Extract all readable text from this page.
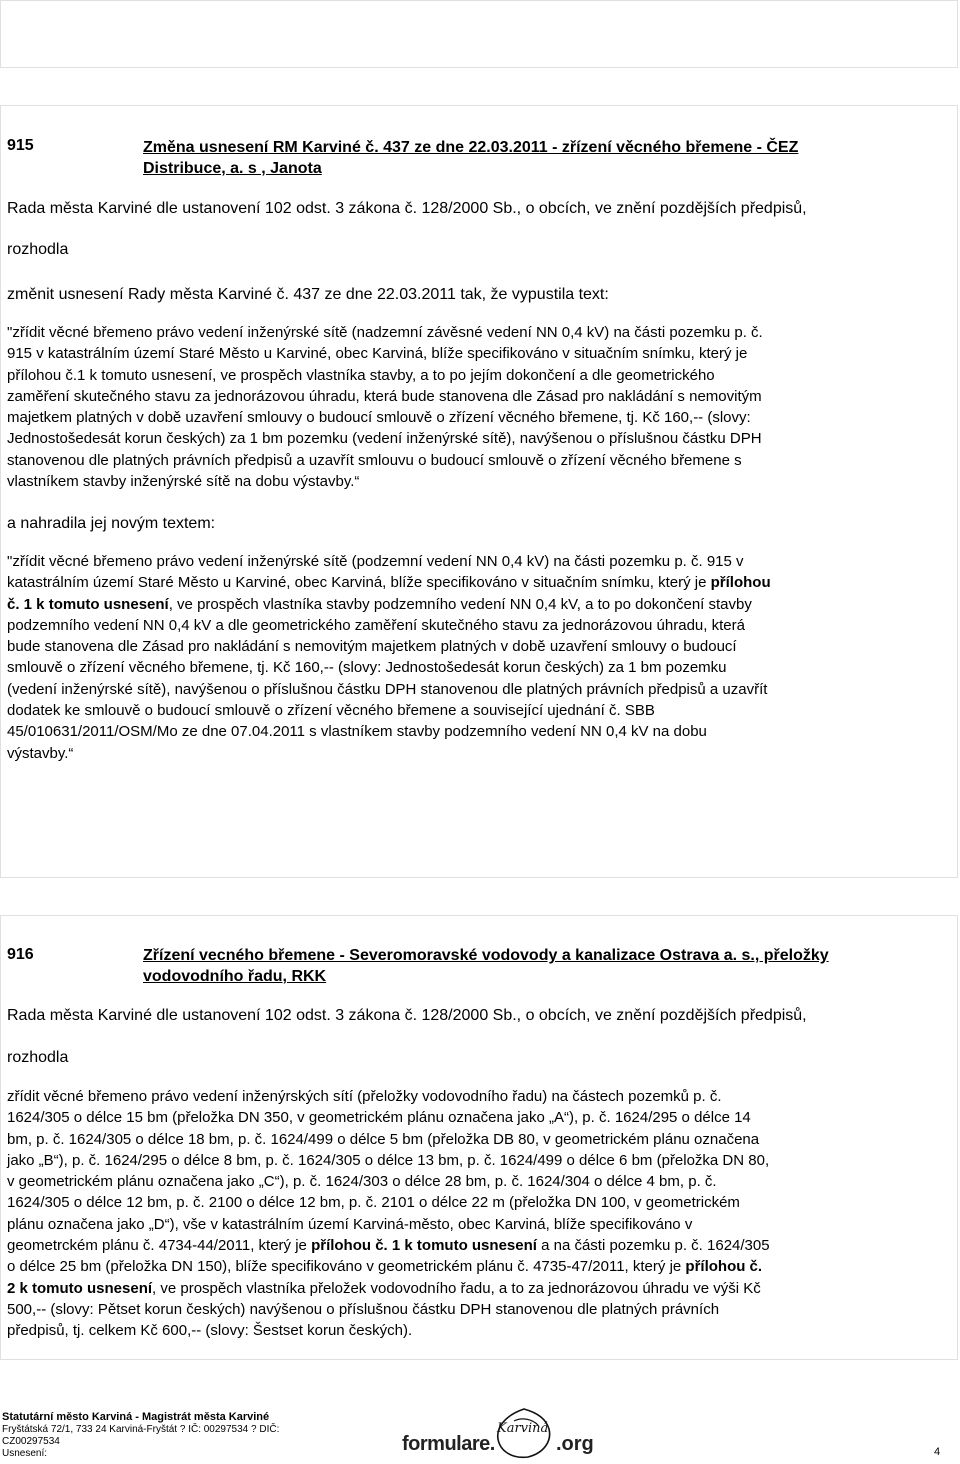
915	Změna usnesení RM Karviné č. 437 ze dne 22.03.2011 - zřízení věcného břemene - ČEZ
Distribuce, a. s , Janota
Rada města Karviné dle ustanovení 102 odst. 3 zákona č. 128/2000 Sb., o obcích, ve znění pozdějších předpisů,
rozhodla
změnit usnesení Rady města Karviné č. 437 ze dne 22.03.2011 tak, že vypustila text:
"zřídit věcné břemeno právo vedení inženýrské sítě (nadzemní závěsné vedení NN 0,4 kV) na části pozemku p. č.
915 v katastrálním území Staré Město u Karviné, obec Karviná, blíže specifikováno v situačním snímku, který je
přílohou č.1 k tomuto usnesení, ve prospěch vlastníka stavby, a to po jejím dokončení a dle geometrického
zaměření skutečného stavu za jednorázovou úhradu, která bude stanovena dle Zásad pro nakládání s nemovitým
majetkem platných v době uzavření smlouvy o budoucí smlouvě o zřízení věcného břemene, tj. Kč 160,-- (slovy:
Jednostošedesát korun českých) za 1 bm pozemku (vedení inženýrské sítě), navýšenou o příslušnou částku DPH
stanovenou dle platných právních předpisů a uzavřít smlouvu o budoucí smlouvě o zřízení věcného břemene s
vlastníkem stavby inženýrské sítě na dobu výstavby.“
a nahradila jej novým textem:
"zřídit věcné břemeno právo vedení inženýrské sítě (podzemní vedení NN 0,4 kV) na části pozemku p. č. 915 v
katastrálním území Staré Město u Karviné, obec Karviná, blíže specifikováno v situačním snímku, který je přílohou
č. 1 k tomuto usnesení, ve prospěch vlastníka stavby podzemního vedení NN 0,4 kV, a to po dokončení stavby
podzemního vedení NN 0,4 kV a dle geometrického zaměření skutečného stavu za jednorázovou úhradu, která
bude stanovena dle Zásad pro nakládání s nemovitým majetkem platných v době uzavření smlouvy o budoucí
smlouvě o zřízení věcného břemene, tj. Kč 160,-- (slovy: Jednostošedesát korun českých) za 1 bm pozemku
(vedení inženýrské sítě), navýšenou o příslušnou částku DPH stanovenou dle platných právních předpisů a uzavřít
dodatek ke smlouvě o budoucí smlouvě o zřízení věcného břemene a související ujednání č. SBB
45/010631/2011/OSM/Mo ze dne 07.04.2011 s vlastníkem stavby podzemního vedení NN 0,4 kV na dobu
výstavby.“
916	Zřízení vecného břemene - Severomoravské vodovody a kanalizace Ostrava a. s., přeložky
vodovodního řadu, RKK
Rada města Karviné dle ustanovení 102 odst. 3 zákona č. 128/2000 Sb., o obcích, ve znění pozdějších předpisů,
rozhodla
zřídit věcné břemeno právo vedení inženýrských sítí (přeložky vodovodního řadu) na částech pozemků p. č.
1624/305 o délce 15 bm (přeložka DN 350, v geometrickém plánu označena jako „A“), p. č. 1624/295 o délce 14
bm, p. č. 1624/305 o délce 18 bm, p. č. 1624/499 o délce 5 bm (přeložka DB 80, v geometrickém plánu označena
jako „B“), p. č. 1624/295 o délce 8 bm, p. č. 1624/305 o délce 13 bm, p. č. 1624/499 o délce 6 bm (přeložka DN 80,
v geometrickém plánu označena jako „C“), p. č. 1624/303 o délce 28 bm, p. č. 1624/304 o délce 4 bm, p. č.
1624/305 o délce 12 bm, p. č. 2100 o délce 12 bm, p. č. 2101 o délce 22 m (přeložka DN 100, v geometrickém
plánu označena jako „D“), vše v katastrálním území Karviná-město, obec Karviná, blíže specifikováno v
geometrckém plánu č. 4734-44/2011, který je přílohou č. 1 k tomuto usnesení a na části pozemku p. č. 1624/305
o délce 25 bm (přeložka DN 150), blíže specifikováno v geometrickém plánu č. 4735-47/2011, který je přílohou č.
2 k tomuto usnesení, ve prospěch vlastníka přeložek vodovodního řadu, a to za jednorázovou úhradu ve výši Kč
500,-- (slovy: Pětset korun českých) navýšenou o příslušnou částku DPH stanovenou dle platných právních
předpisů, tj. celkem Kč 600,-- (slovy: Šestset korun českých).
Statutární město Karviná - Magistrát města Karviné
Fryštátská 72/1, 733 24 Karviná-Fryštát ? IČ: 00297534 ? DIČ:
CZ00297534
Usnesení:	formulare.
Karviná
.org	4
